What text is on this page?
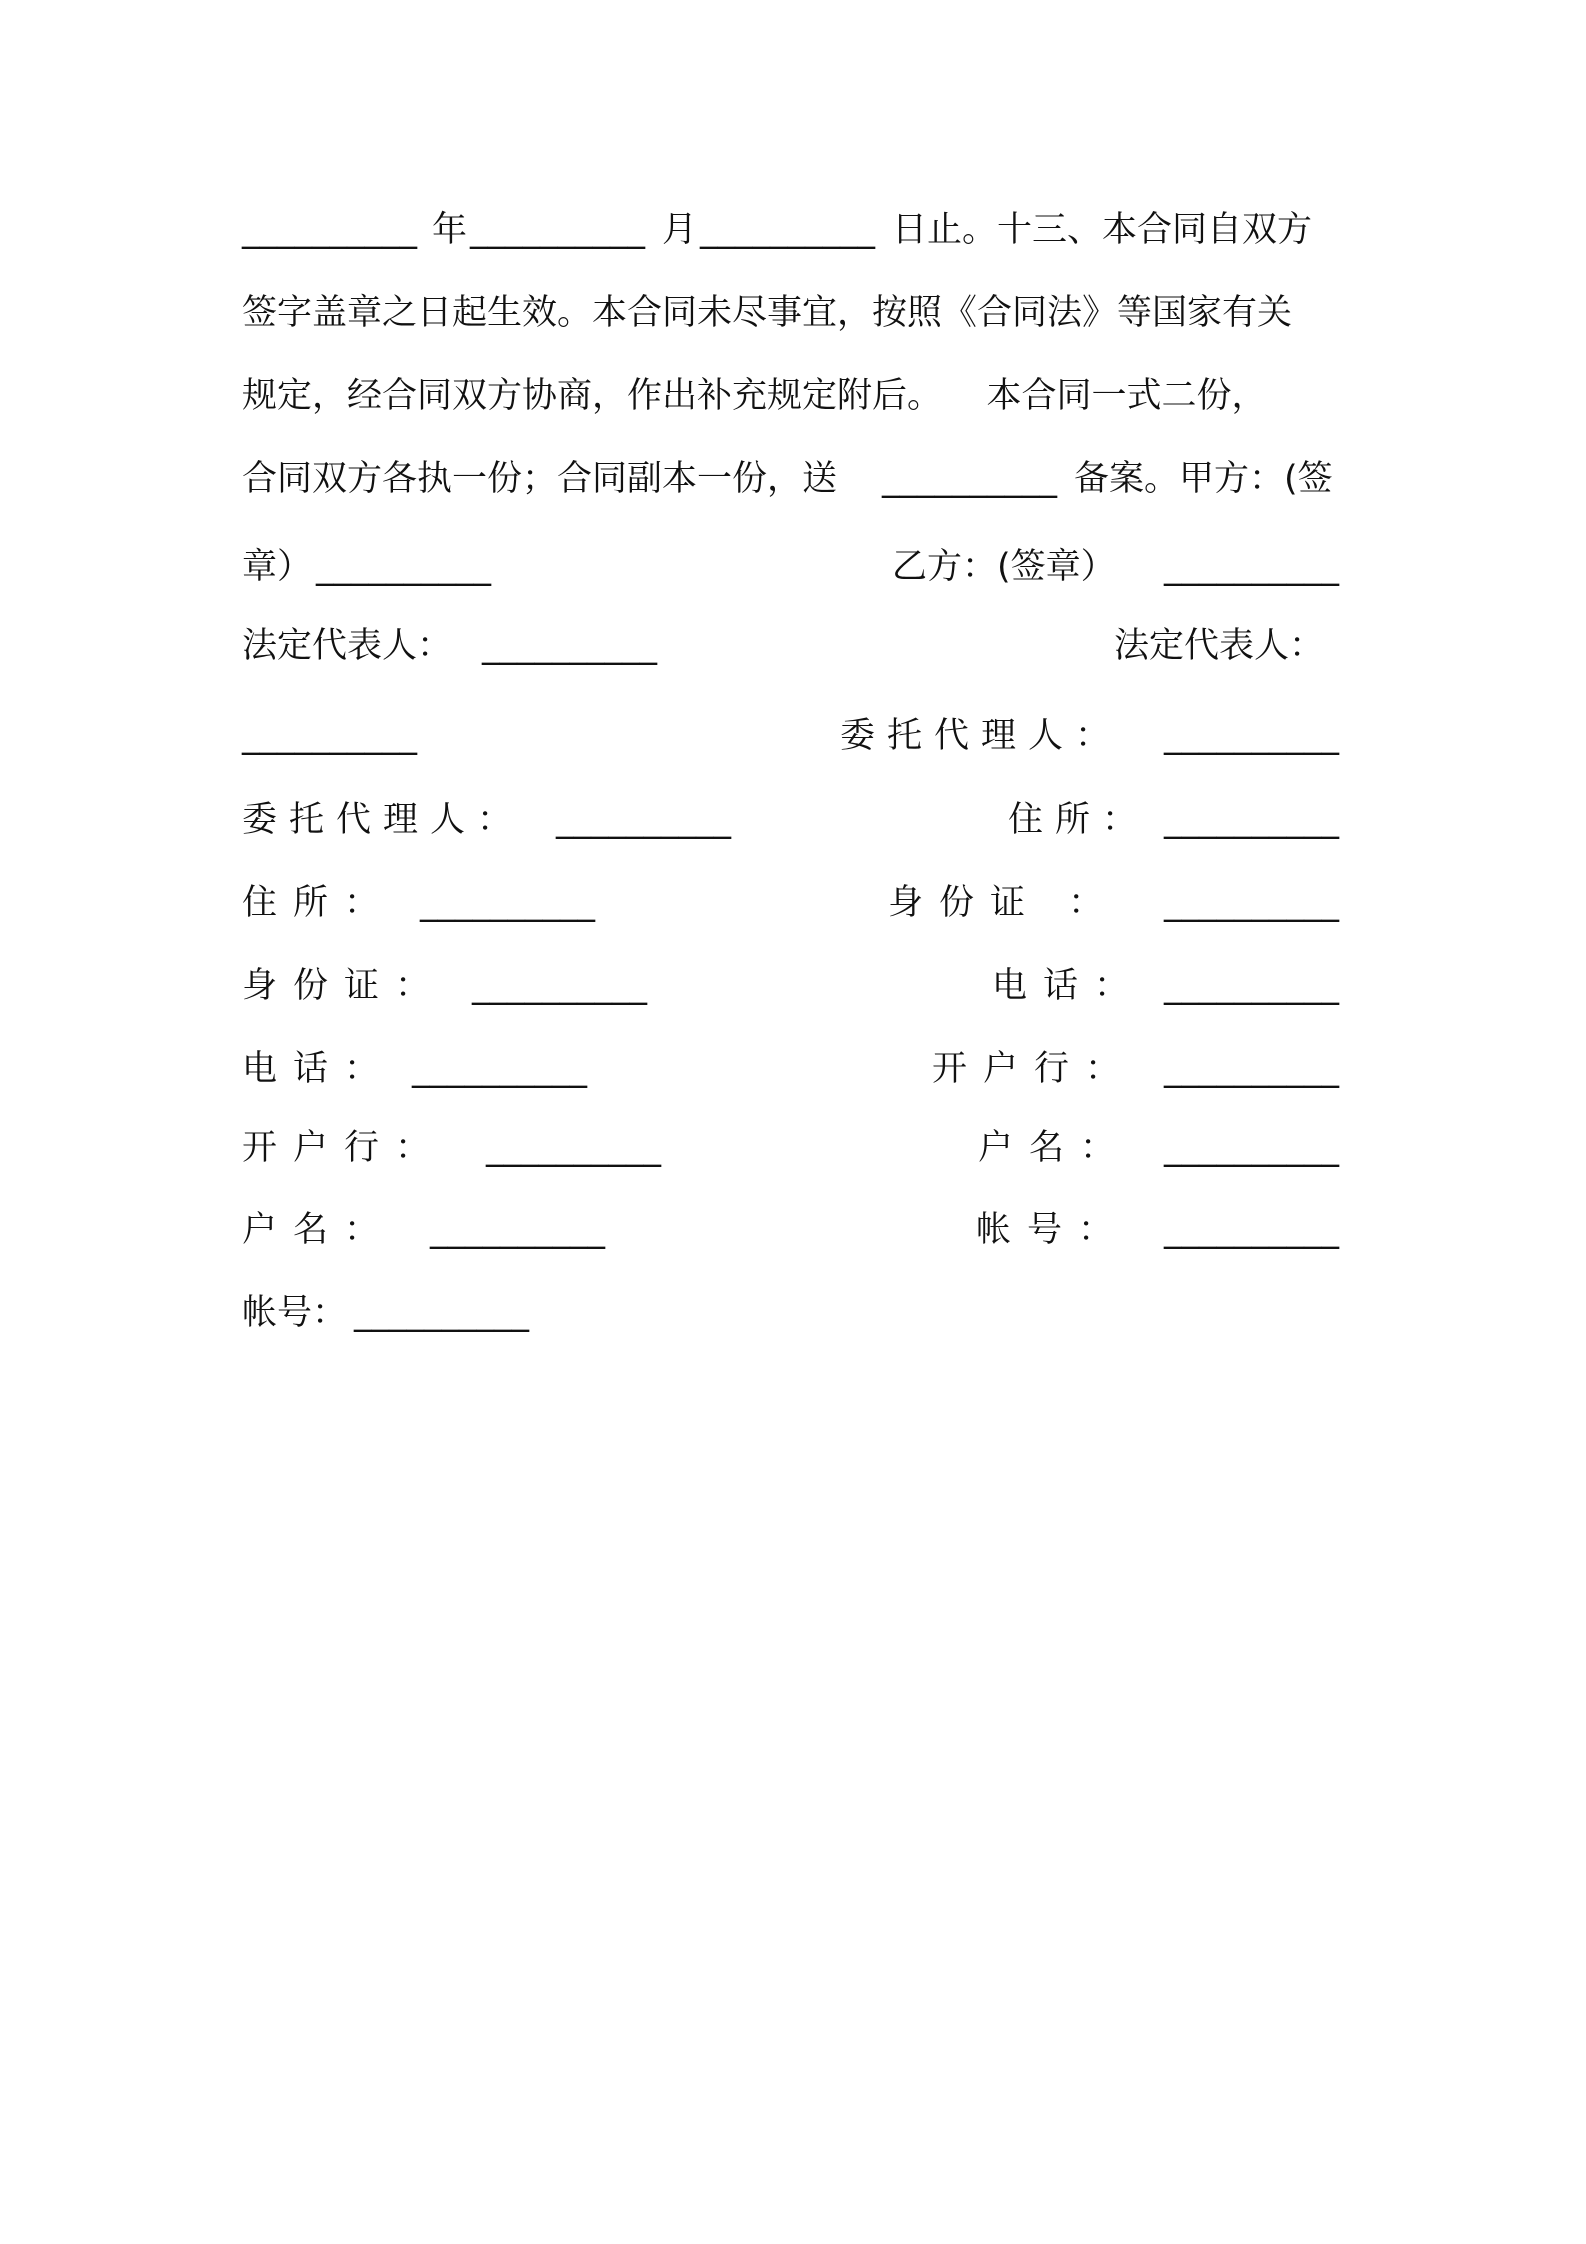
__________ 年 __________ 月 __________ 日止。十三、本合同自双方
签字盖章之日起生效。本合同未尽事宜，按照《合同法》等国家有关
规定，经合同双方协商，作出补充规定附后。    本合同一式二份，
合同双方各执一份；合同副本一份，送 __________ 备案。甲方：(签
章） __________	乙方：(签章） __________
法定代表人： __________	法定代表人：
__________	委托代理人： __________
委托代理人： __________	住所： __________
住所： __________	身份证 ： __________
身份证： __________	电话： __________
电话： __________	开户行： __________
开户行： __________	户名： __________
户名： __________	帐号： __________
帐号： __________
